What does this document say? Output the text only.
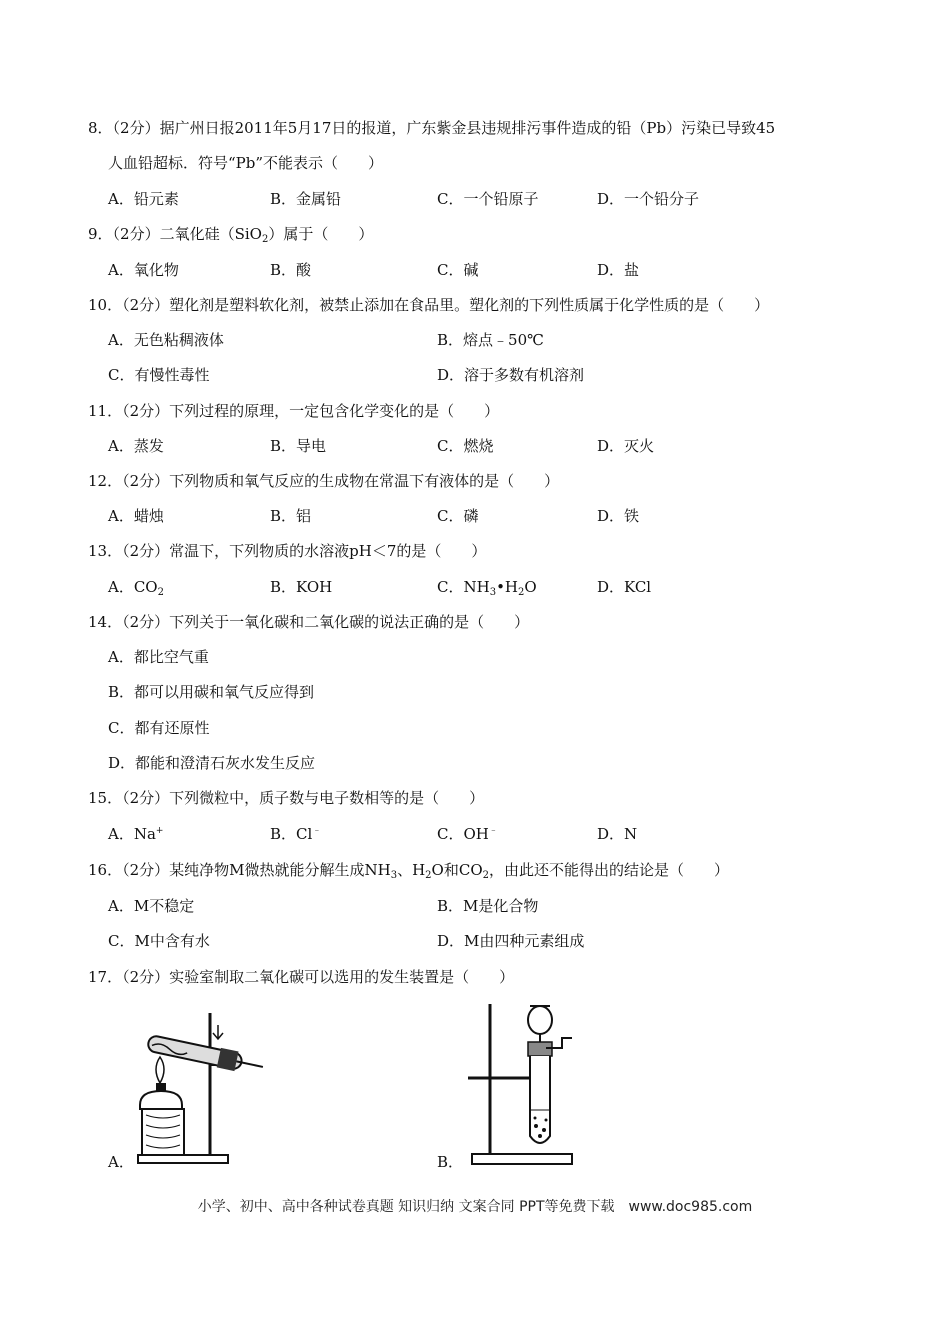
8．（2分）据广州日报2011年5月17日的报道，广东紫金县违规排污事件造成的铅（Pb）污染已导致45
人血铅超标．符号“Pb”不能表示（　　）
A．铅元素	B．金属铅	C．一个铅原子	D．一个铅分子
9．（2分）二氧化硅（SiO$_2$）属于（　　）
A．氧化物	B．酸	C．碱	D．盐
10．（2分）塑化剂是塑料软化剂，被禁止添加在食品里。塑化剂的下列性质属于化学性质的是（　　）
A．无色粘稠液体	B．熔点﹣50℃
C．有慢性毒性	D．溶于多数有机溶剂
11．（2分）下列过程的原理，一定包含化学变化的是（　　）
A．蒸发	B．导电	C．燃烧	D．灭火
12．（2分）下列物质和氧气反应的生成物在常温下有液体的是（　　）
A．蜡烛	B．铝	C．磷	D．铁
13．（2分）常温下，下列物质的水溶液pH＜7的是（　　）
A．$CO_2$	B．KOH	C．$NH_3•H_2O$	D．KCl
14．（2分）下列关于一氧化碳和二氧化碳的说法正确的是（　　）
A．都比空气重
B．都可以用碳和氧气反应得到
C．都有还原性
D．都能和澄清石灰水发生反应
15．（2分）下列微粒中，质子数与电子数相等的是（　　）
A．Na+	B．Cl﹣	C．OH﹣	D．N
16．（2分）某纯净物M微热就能分解生成$NH_3$、$H_2O$和$CO_2$，由此还不能得出的结论是（　　）
A．M不稳定	B．M是化合物
C．M中含有水	D．M由四种元素组成
17．（2分）实验室制取二氧化碳可以选用的发生装置是（　　）
A．	B．
小学、初中、高中各种试卷真题 知识归纳 文案合同 PPT等免费下载　www.doc985.com
